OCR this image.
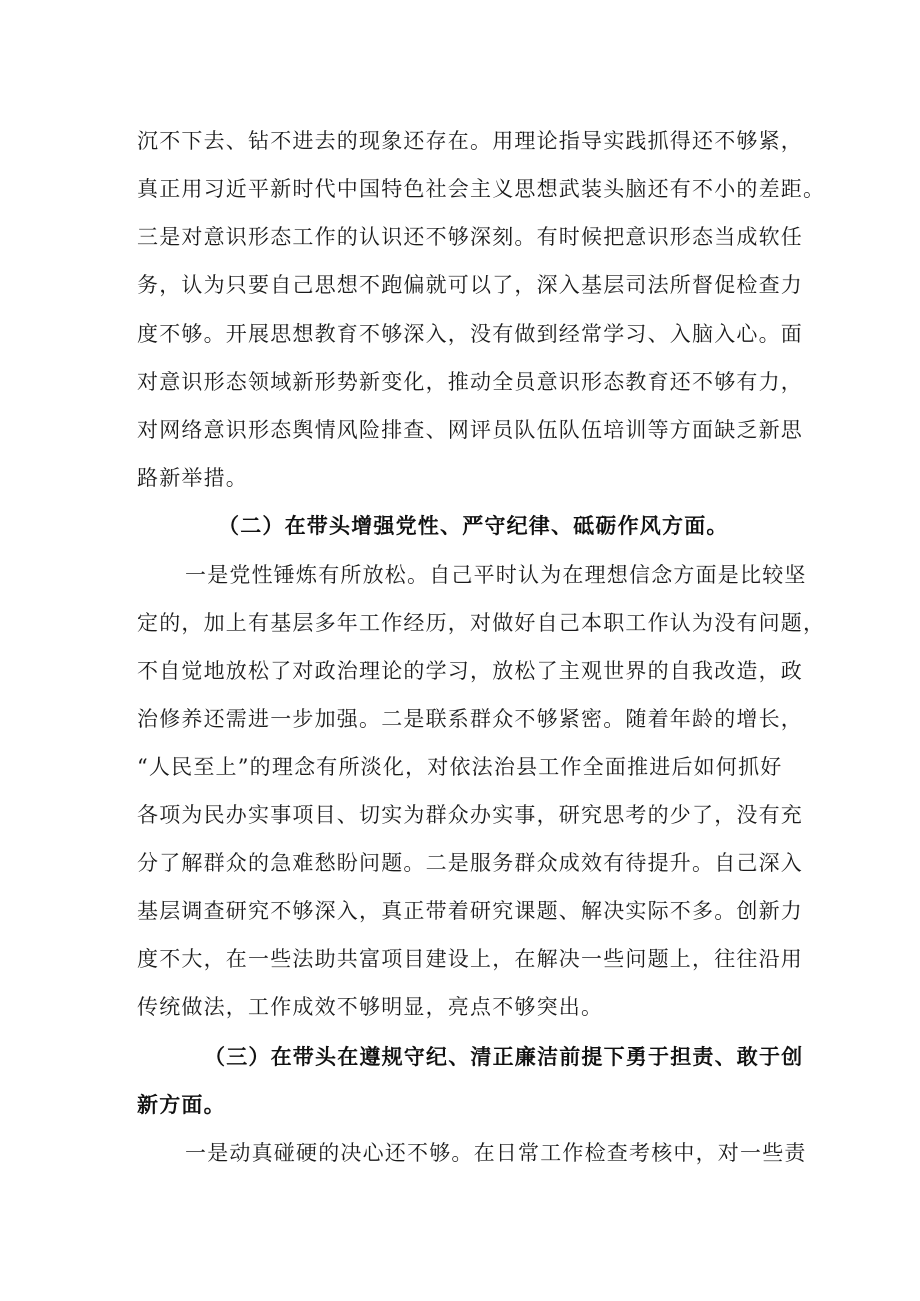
沉不下去、钻不进去的现象还存在。用理论指导实践抓得还不够紧，

真正用习近平新时代中国特色社会主义思想武装头脑还有不小的差距。

三是对意识形态工作的认识还不够深刻。有时候把意识形态当成软任

务，认为只要自己思想不跑偏就可以了，深入基层司法所督促检查力

度不够。开展思想教育不够深入，没有做到经常学习、入脑入心。面

对意识形态领域新形势新变化，推动全员意识形态教育还不够有力，

对网络意识形态舆情风险排查、网评员队伍队伍培训等方面缺乏新思

路新举措。

（二）在带头增强党性、严守纪律、砥砺作风方面。

一是党性锤炼有所放松。自己平时认为在理想信念方面是比较坚

定的，加上有基层多年工作经历，对做好自己本职工作认为没有问题，

不自觉地放松了对政治理论的学习，放松了主观世界的自我改造，政

治修养还需进一步加强。二是联系群众不够紧密。随着年龄的增长，

“人民至上”的理念有所淡化，对依法治县工作全面推进后如何抓好

各项为民办实事项目、切实为群众办实事，研究思考的少了，没有充

分了解群众的急难愁盼问题。二是服务群众成效有待提升。自己深入

基层调查研究不够深入，真正带着研究课题、解决实际不多。创新力

度不大，在一些法助共富项目建设上，在解决一些问题上，往往沿用

传统做法，工作成效不够明显，亮点不够突出。

（三）在带头在遵规守纪、清正廉洁前提下勇于担责、敢于创

新方面。

一是动真碰硬的决心还不够。在日常工作检查考核中，对一些责
